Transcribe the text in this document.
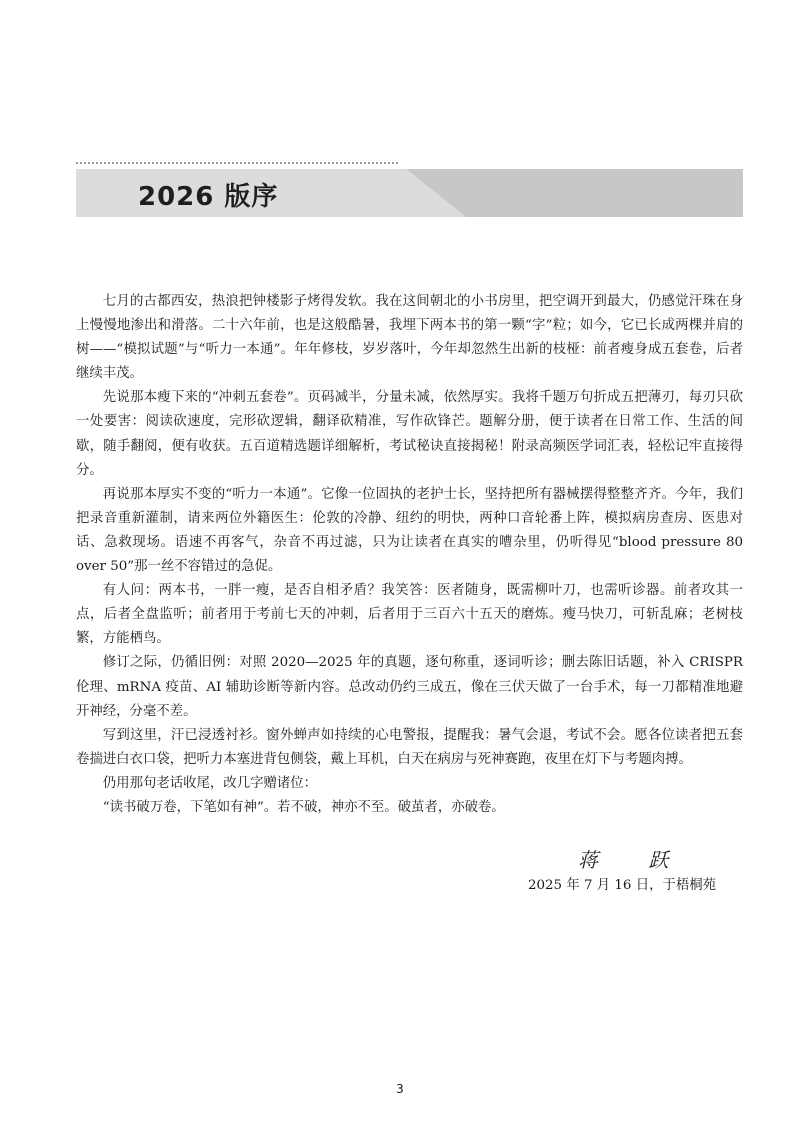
2026 版序

七月的古都西安，热浪把钟楼影子烤得发软。我在这间朝北的小书房里，把空调开到最大，仍感觉汗珠在身上慢慢地渗出和滑落。二十六年前，也是这般酷暑，我埋下两本书的第一颗“字”粒；如今，它已长成两棵并肩的树——“模拟试题”与“听力一本通”。年年修枝，岁岁落叶，今年却忽然生出新的枝桠：前者瘦身成五套卷，后者继续丰茂。

先说那本瘦下来的“冲刺五套卷”。页码减半，分量未减，依然厚实。我将千题万句折成五把薄刃，每刃只砍一处要害：阅读砍速度，完形砍逻辑，翻译砍精准，写作砍锋芒。题解分册，便于读者在日常工作、生活的间歇，随手翻阅，便有收获。五百道精选题详细解析，考试秘诀直接揭秘！附录高频医学词汇表，轻松记牢直接得分。

再说那本厚实不变的“听力一本通”。它像一位固执的老护士长，坚持把所有器械摆得整整齐齐。今年，我们把录音重新灌制，请来两位外籍医生：伦敦的冷静、纽约的明快，两种口音轮番上阵，模拟病房查房、医患对话、急救现场。语速不再客气，杂音不再过滤，只为让读者在真实的嘈杂里，仍听得见“blood pressure 80 over 50”那一丝不容错过的急促。

有人问：两本书，一胖一瘦，是否自相矛盾？我笑答：医者随身，既需柳叶刀，也需听诊器。前者攻其一点，后者全盘监听；前者用于考前七天的冲刺，后者用于三百六十五天的磨炼。瘦马快刀，可斩乱麻；老树枝繁，方能栖鸟。

修订之际，仍循旧例：对照 2020—2025 年的真题，逐句称重，逐词听诊；删去陈旧话题，补入 CRISPR 伦理、mRNA 疫苗、AI 辅助诊断等新内容。总改动仍约三成五，像在三伏天做了一台手术，每一刀都精准地避开神经，分毫不差。

写到这里，汗已浸透衬衫。窗外蝉声如持续的心电警报，提醒我：暑气会退，考试不会。愿各位读者把五套卷揣进白衣口袋，把听力本塞进背包侧袋，戴上耳机，白天在病房与死神赛跑，夜里在灯下与考题肉搏。

仍用那句老话收尾，改几字赠诸位：

“读书破万卷，下笔如有神”。若不破，神亦不至。破茧者，亦破卷。

蒋 跃
2025 年 7 月 16 日，于梧桐苑
3
